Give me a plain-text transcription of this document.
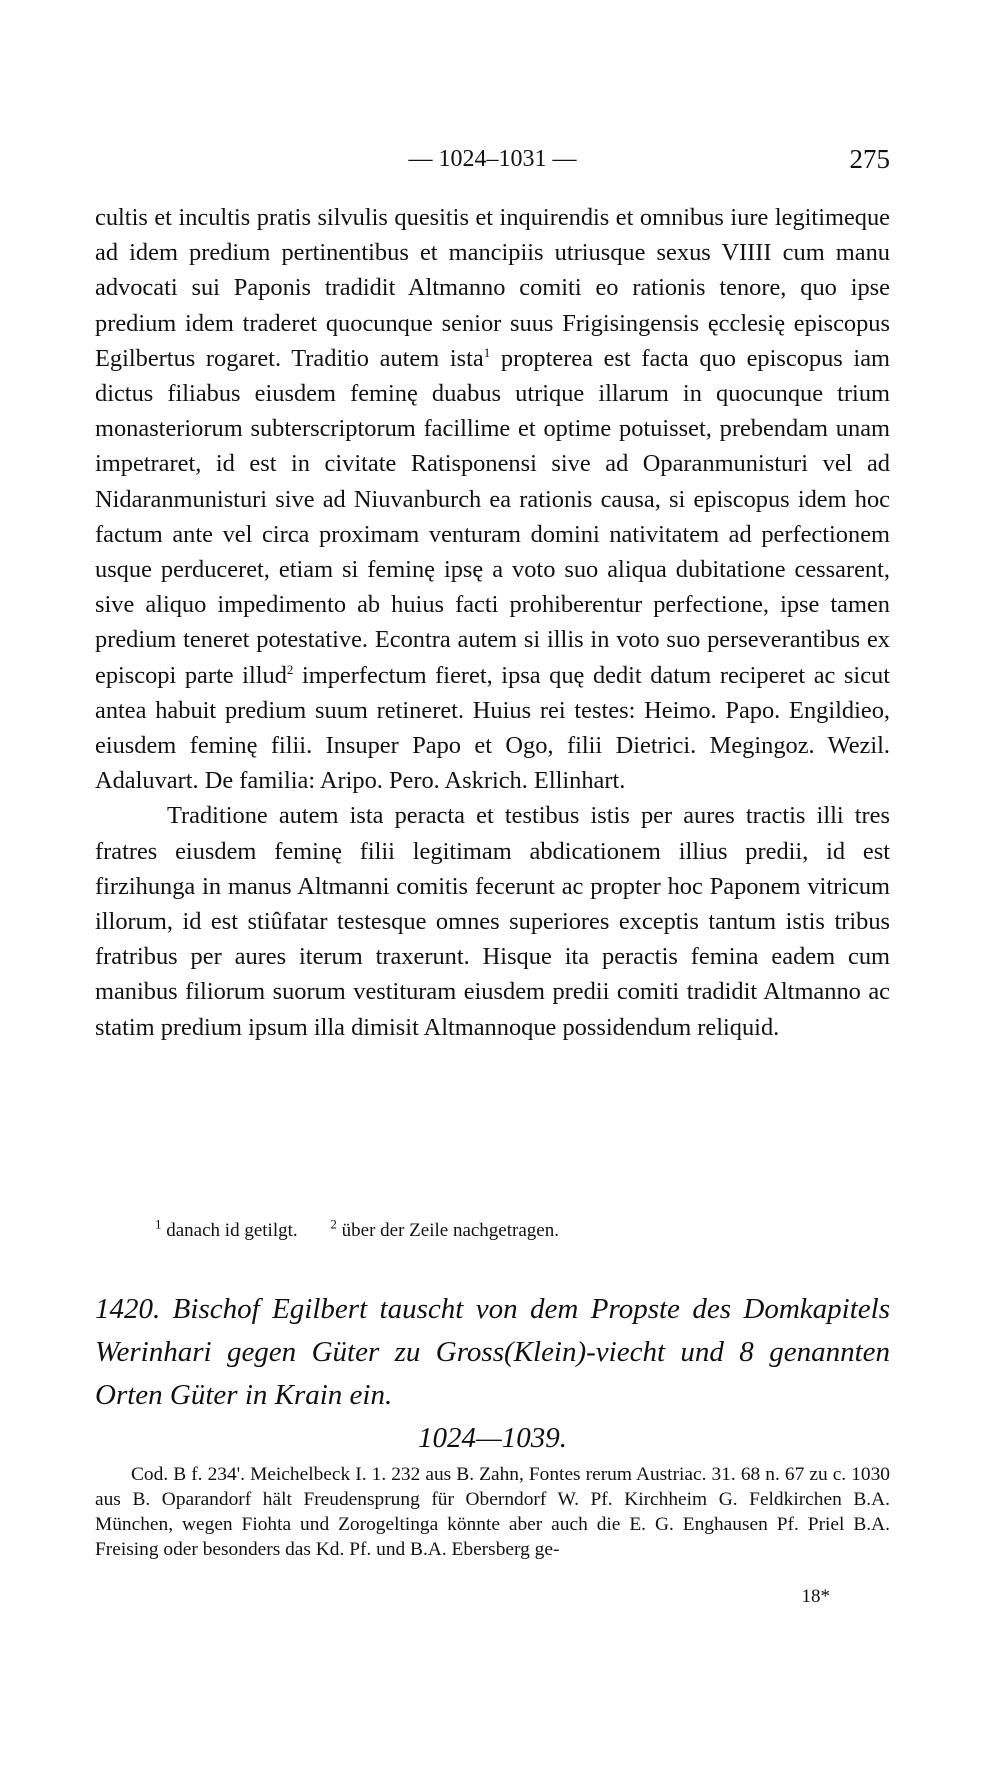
— 1024–1031 —	275

cultis et incultis pratis silvulis quesitis et inquirendis et omnibus iure legitimeque ad idem predium pertinentibus et mancipiis utriusque sexus VIIII cum manu advocati sui Paponis tradidit Altmanno comiti eo rationis tenore, quo ipse predium idem traderet quocunque senior suus Frigisingensis ęcclesię episcopus Egilbertus rogaret. Traditio autem ista$^1$ propterea est facta quo episcopus iam dictus filiabus eiusdem feminę duabus utrique illarum in quocunque trium monasteriorum subterscriptorum facillime et optime potuisset, prebendam unam impetraret, id est in civitate Ratisponensi sive ad Oparanmunisturi vel ad Nidaranmunisturi sive ad Niuvanburch ea rationis causa, si episcopus idem hoc factum ante vel circa proximam venturam domini nativitatem ad perfectionem usque perduceret, etiam si feminę ipsę a voto suo aliqua dubitatione cessarent, sive aliquo impedimento ab huius facti prohiberentur perfectione, ipse tamen predium teneret potestative. Econtra autem si illis in voto suo perseverantibus ex episcopi parte illud$^2$ imperfectum fieret, ipsa quę dedit datum reciperet ac sicut antea habuit predium suum retineret. Huius rei testes: Heimo. Papo. Engildieo, eiusdem feminę filii. Insuper Papo et Ogo, filii Dietrici. Megingoz. Wezil. Adaluvart. De familia: Aripo. Pero. Askrich. Ellinhart.

Traditione autem ista peracta et testibus istis per aures tractis illi tres fratres eiusdem feminę filii legitimam abdicationem illius predii, id est firzihunga in manus Altmanni comitis fecerunt ac propter hoc Paponem vitricum illorum, id est stiûfatar testesque omnes superiores exceptis tantum istis tribus fratribus per aures iterum traxerunt. Hisque ita peractis femina eadem cum manibus filiorum suorum vestituram eiusdem predii comiti tradidit Altmanno ac statim predium ipsum illa dimisit Altmannoque possidendum reliquid.

$^1$ danach id getilgt.	$^2$ über der Zeile nachgetragen.
1420. Bischof Egilbert tauscht von dem Propste des Domkapitels Werinhari gegen Güter zu Gross(Klein)-viecht und 8 genannten Orten Güter in Krain ein.
1024—1039.

Cod. B f. 234'. Meichelbeck I. 1. 232 aus B. Zahn, Fontes rerum Austriac. 31. 68 n. 67 zu c. 1030 aus B. Oparandorf hält Freudensprung für Oberndorf W. Pf. Kirchheim G. Feldkirchen B.A. München, wegen Fiohta und Zorogeltinga könnte aber auch die E. G. Enghausen Pf. Priel B.A. Freising oder besonders das Kd. Pf. und B.A. Ebersberg ge-

18*
